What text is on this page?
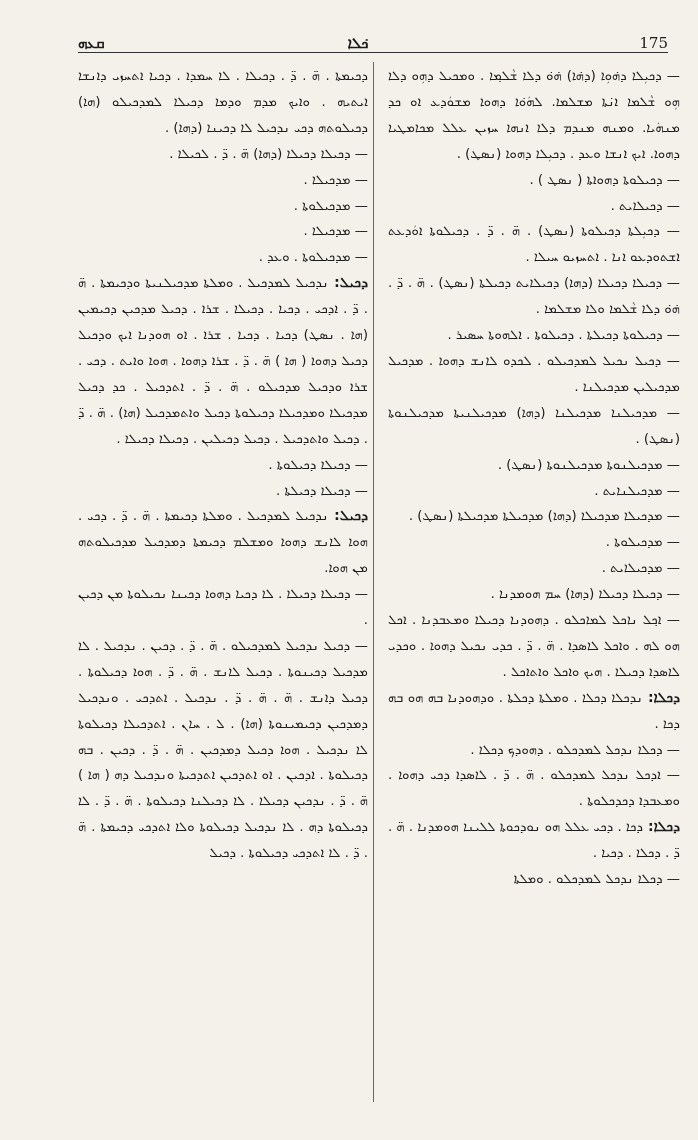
ܩܥܗ	ܟ݁ܠܐ	175

— ܕܟܝܼܠܐ ܕܗ݁ܘܼܐ (ܕܗ݁ܐ) ܗ݁ܘ݁ ܕܠܐ ܫܵܠܡ݂ܐ . ܘܡܟܝܠ ܕܗܼܘ ܕܠܐ ܗܼܘ ܫܵܠܡܐ ܐܢ݁ܬܐ ܡܫܠܡܐ. ܠܗܿܘ݁ܐ ܕܗܘܐ ܡܫܘܿܕܥ ܐܘ ܟܕ ܡܢܗܿܝܐ. ܘܡܢܗ ܡܢܕܡ ܕܠܐ ܐܢܗܐ ܚܙܝܢ ܥܠܠ ܡܟܐܡܛܝܐ ܕܗܘܐ. ܐܝܟ ܐܢܫܐ ܘܥܕ . ܕܟܝܼܠܐ ܕܗܘܐ (ܢܣܛ) .

— ܕܟܝܠܘܬܐ ܕܗܘܐܬܐ ( ܢܣܛ ) .

— ܕܟܝܠܐܝܬ .

— ܕܟܝܼܠܬܐ ܕܟܝܠܘܬܐ (ܢܣܛ) . ܗ̈ . ܕ̈ . ܕܟܝܠܘܬܐ ܐܘܿܕܥܬ ܐܫܬܘܕܥܘ ܐܢܐ . ܐܬܚܙܝܘ ܚܝܠܐ .

— ܕܟܝܠܐ ܕܟܝܠܐ (ܕܗܐ) ܕܟܝܠܐܝܬ ܕܟܝܠܬܐ (ܢܣܛ) . ܗ̈ . ܕ̈ . ܗ݁ܘ݁ ܕܠܐ ܫܵܠܡܐ ܘܠܐ ܡܫܠܡܐ .

— ܕܟܝܠܘܬܐ ܕܟܝܠܬܐ . ܕܟܝܠܘܬܐ . ܐܠܗܘܬܐ ܚܣܝܪ .

— ܕܟܝܠ ܢܟܝܠ ܠܡܕܟܝܠܘ . ܠܟܕܘ ܠܐܢܫ ܕܗܘܐ . ܡܕܟܝܠ ܡܕܟܝܠܝܢ ܡܕܟܝܠܢܐ .

— ܡܕܟܝܠܢܐ ܡܕܟܝܠܢܐ (ܕܗܐ) ܡܕܟܝܠܢܝܬܐ ܡܕܟܝܠܢܘܬܐ (ܢܣܛ) .

— ܡܕܟܝܠܢܘܬܐ ܡܕܟܝܠܢܘܬܐ (ܢܣܛ) .

— ܡܕܟܝܠܢܐܝܬ .

— ܡܕܟܝܠܐ ܡܕܟܝܠܐ (ܕܗܐ) ܡܕܟܝܠܬܐ ܡܕܟܝܠܬܐ (ܢܣܛ) .

— ܡܕܟܝܠܘܬܐ .

— ܡܕܟܝܠܐܝܬ .

— ܕܟܝܠܐ ܕܟܝܠܐ (ܕܗܐ) ܚܡ ܗܘܡܕܢܐ .

— ܐܟ݂ܠ ܢܐܟܠ ܠܡܐܟܠܘ . ܕܗܘܕܢܐ ܕܟܝܠܐ ܘܡܥܒܕܢܐ . ܐܟܠ ܗܘ ܠܗ . ܘܐܟܠ ܠܐܣܕܐ . ܗ̈ . ܕ̈ . ܟܕܝ ܢܟܝܠ ܕܗܘܐ . ܘܟܕܝ ܠܐܣܕܐ ܕܟܝܠܐ . ܗܝܟ ܘܐܟܠ ܘܐܬܐܟܠ .

ܕܟܠܐ: ܢܕܟܠܐ ܕܟܠܐ . ܘܡܠܬܐ ܕܟܠܬܐ . ܘܕܗܘܕܢܐ ܒܗ ܗܘ ܒܗ ܕܟܐ .

— ܕܟܠܐ ܢܕܟܠ ܠܡܕܟܠܘ . ܕܗܘܕܟ ܕܟܠܐ .

— ܐܕܟܠ ܢܕܟܠ ܠܡܕܟܠܘ . ܗ̈ . ܕ̈ . ܠܐܣܕܐ ܕܟܝ ܕܗܘܐ . ܘܡܥܒܕܐ ܕܟܕܟܠܘܬܐ .

ܕܟܠܐ: ܕܟܐ . ܕܟܝ ܥܠܠ ܗܘ ܢܘܕܟܘܬܐ ܠܠܝܢܐ ܗܘܡܕܢܐ . ܗ̈ . ܕ̈ . ܕܟܠܐ . ܕܟܝܐ .

— ܕܟܠܐ ܢܕܟܠ ܠܡܕܟܠܘ . ܘܡܠܬܐ

ܕܟܝܡܬܐ . ܗ̈ . ܕ̈ . ܕܟܝܠܐ . ܠܐ ܚܡܕܐ . ܕܟܝܐ ܐܬܚܙܝ ܕܐܢܫܐ ܐܝܬܝܗ . ܘܐܝܟ ܡܕܡ ܘܕܡܐ ܕܟܝܠܐ ܠܡܕܟܝܠܘ (ܗܐ) ܕܟܝܠܘܬܗ ܕܟܝ ܢܕܟܝܠ ܠܐ ܕܟܝܢܐ (ܕܗܐ) .

— ܕܟܝܠܐ ܕܟܝܠܐ (ܕܗܐ) ܗ̈ . ܕ̈ . ܠܟܝܠܐ .

— ܡܕܟܝܠܐ .

— ܡܕܟܝܠܘܬܐ .

— ܡܕܟܝܠܐ .

— ܡܕܟܝܠܘܬܐ . ܘܥܕ .

ܕܟܝܠ: ܢܕܟܝܠ ܠܡܕܟܝܠ . ܘܡܠܬܐ ܡܕܟܝܠܢܝܬܐ ܘܕܟܝܡܬܐ . ܗ̈ . ܕ̈ . ܐܕܟܝ . ܕܟܝܐ . ܕܟܝܠܐ . ܫܪܐ . ܕܟܝܠ ܡܕܟܝܢ ܕܟܝܡܝܢ (ܗܐ . ܢܣܛ) ܕܟܝܐ . ܕܟܝܐ . ܫܪܐ . ܐܘ ܗܘܕܢܐ ܐܝܟ ܘܕܟܝܠ ܕܟܝܠ ܕܗܘܐ ( ܗܐ ) ܗ̈ . ܕ̈ . ܫܪܐ ܕܗܘܐ . ܗܘܐ ܘܐܝܬ . ܕܟܝ . ܫܪܐ ܘܕܟܝܠ ܡܕܟܝܠܘ . ܗ̈ . ܕ̈ . ܐܬܕܟܝܠ . ܟܕ ܕܟܝܠ ܡܕܟܝܠܐ ܘܡܕܟܝܠܐ ܕܟܝܠܘܬܐ ܕܟܝܠ ܘܐܬܡܕܟܝܠ (ܗܐ) . ܗ̈ . ܕ̈ . ܕܟܝܠ ܘܐܬܕܟܝܠ . ܕܟܝܠ ܕܟܝܠܝܢ . ܕܟܝܠܐ ܕܟܝܠܐ .

— ܕܟܝܠܐ ܕܟܝܠܘܬܐ .

— ܕܟܝܠܐ ܕܟܝܠܬܐ .

ܕܟܝܠ: ܢܕܟܝܠ ܠܡܕܟܝܠ . ܘܡܠܬܐ ܕܟܝܡܬܐ . ܗ̈ . ܕ̈ . ܕܟܝ . ܗܘܐ ܠܐܢܫ ܕܗܘܐ ܘܡܫܠܡ ܕܟܝܡܬܐ ܕܡܕܟܝܠ ܡܕܟܝܠܘܬܗ ܡܢ ܗܘܐ.

— ܕܟܝܠܐ ܕܟܝܠܐ . ܠܐ ܕܟܝܐ ܕܗܘܐ ܕܟܝܢܐ ܢܟܝܠܘܬܐ ܡܢ ܕܟܝܢ .

— ܕܟܝܠ ܢܕܟܝܠ ܠܡܕܟܝܠܘ . ܗ̈ . ܕ̈ . ܕܟܝܢ . ܢܕܟܝܠ . ܠܐ ܡܕܟܝܠ ܕܟܝܢܘܬܐ . ܕܟܝܠ ܠܐܢܫ . ܗ̈ . ܕ̈ . ܗܘܐ ܕܟܝܠܘܬܐ . ܕܟܝܠ ܕܐܢܫ . ܗ̈ . ܗ̈ . ܕ̈ . ܢܕܟܝܠ . ܐܬܕܟܝ . ܘܢܕܟܝܠ ܕܡܕܟܝܢ ܕܟܝܡܝܢܘܬܐ (ܗܐ) . ܠ . ܚܐܢ . ܐܬܕܟܝܠܐ ܕܟܝܠܘܬܐ ܠܐ ܢܕܟܝܠ . ܗܘܐ ܕܟܝܠ ܕܡܕܟܝܢ . ܗ̈ . ܕ̈ . ܕܟܝܢ . ܒܗ ܕܟܝܠܘܬܐ . ܐܕܟܝܢ . ܐܘ ܐܬܕܟܝܢ ܐܬܕܟܝܬܐ ܘܢܕܟܝܠ ܕܗ ( ܗܐ ) ܗ̈ . ܕ̈ . ܢܕܟܝܢ ܕܟܝܠܐ . ܠܐ ܕܟܝܠܢܐ ܕܟܝܠܘܬܐ . ܗ̈ . ܕ̈ . ܠܐ ܕܟܝܠܘܬܐ ܕܗ . ܠܐ ܢܕܟܝܠ ܕܟܝܠܘܬܐ ܘܠܐ ܐܬܕܟܝ ܕܟܝܡܬܐ . ܗ̈ . ܕ̈ . ܠܐ ܐܬܕܟܝ ܕܟܝܠܘܬܐ . ܕܟܝܠ
